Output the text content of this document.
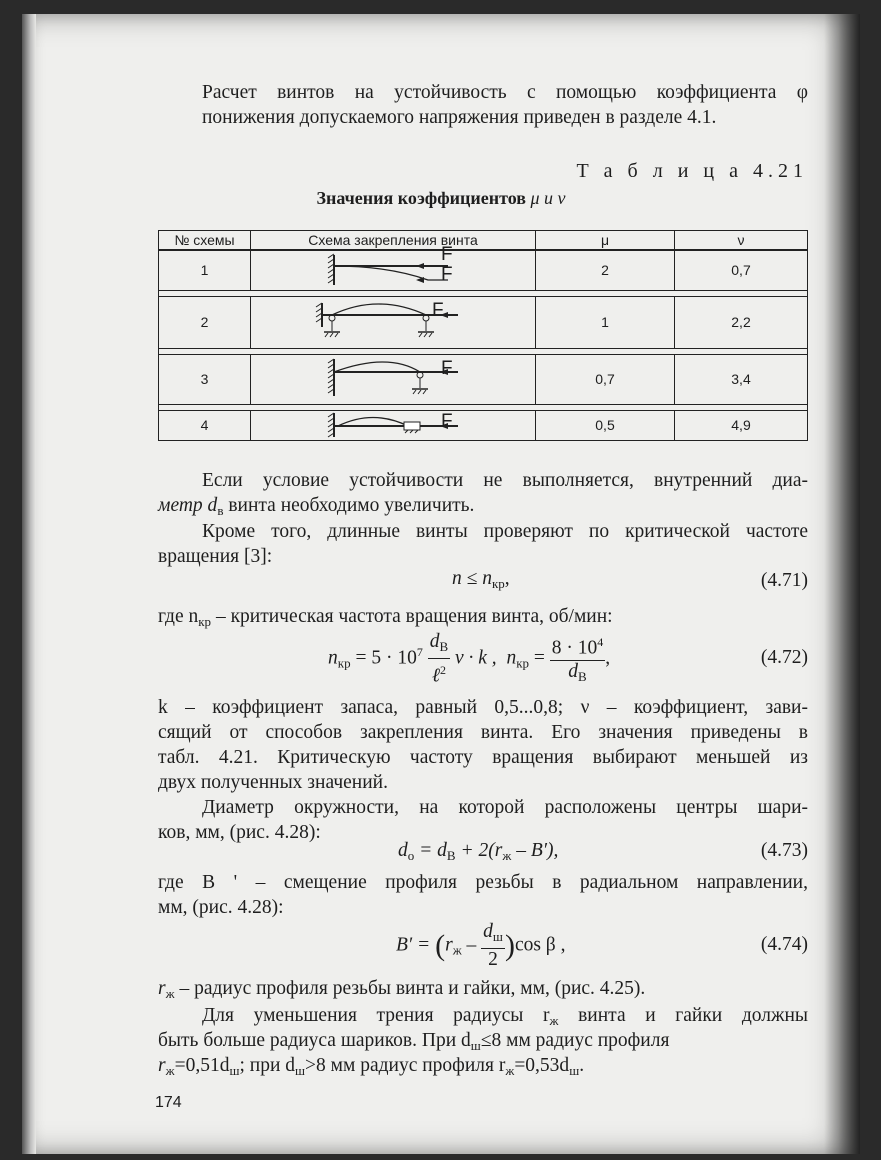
Расчет винтов на устойчивость с помощью коэффициента φ
понижения допускаемого напряжения приведен в разделе 4.1.
Т а б л и ц а 4.21
Значения коэффициентов μ и ν
№ схемы	Схема закрепления винта	μ	ν
1		2	0,7

2		1	2,2

3		0,7	3,4

4		0,5	4,9
F
F
F
F
F
Если условие устойчивости не выполняется, внутренний диа-
метр $d_в$ винта необходимо увеличить.
Кроме того, длинные винты проверяют по критической частоте
вращения [3]:
$n \le n_{кр}$,	(4.71)
где $n_{кр}$ – критическая частота вращения винта, об/мин:
$n_{кр} = 5 \cdot 10^7 \frac{d_В}{\ell^2}$ ν · k , $n_{кр} = \frac{8 \cdot 10^4}{d_В}$ ,	(4.72)
k – коэффициент запаса, равный 0,5...0,8; ν – коэффициент, зави-
сящий от способов закрепления винта. Его значения приведены в
табл. 4.21. Критическую частоту вращения выбирают меньшей из
двух полученных значений.
Диаметр окружности, на которой расположены центры шари-
ков, мм, (рис. 4.28):
$d_о = d_В + 2(r_ж - B')$,	(4.73)
где B ' – смещение профиля резьбы в радиальном направлении,
мм, (рис. 4.28):
$B' = (r_ж - \frac{d_ш}{2} )\cos$ β ,	(4.74)
$r_ж$ – радиус профиля резьбы винта и гайки, мм, (рис. 4.25).
Для уменьшения трения радиусы $r_ж$ винта и гайки должны
быть больше радиуса шариков. При $d_ш\le 8$ мм радиус профиля
$r_ж=0,51d_ш$; при $d_ш>8$ мм радиус профиля $r_ж=0,53d_ш$.
174
